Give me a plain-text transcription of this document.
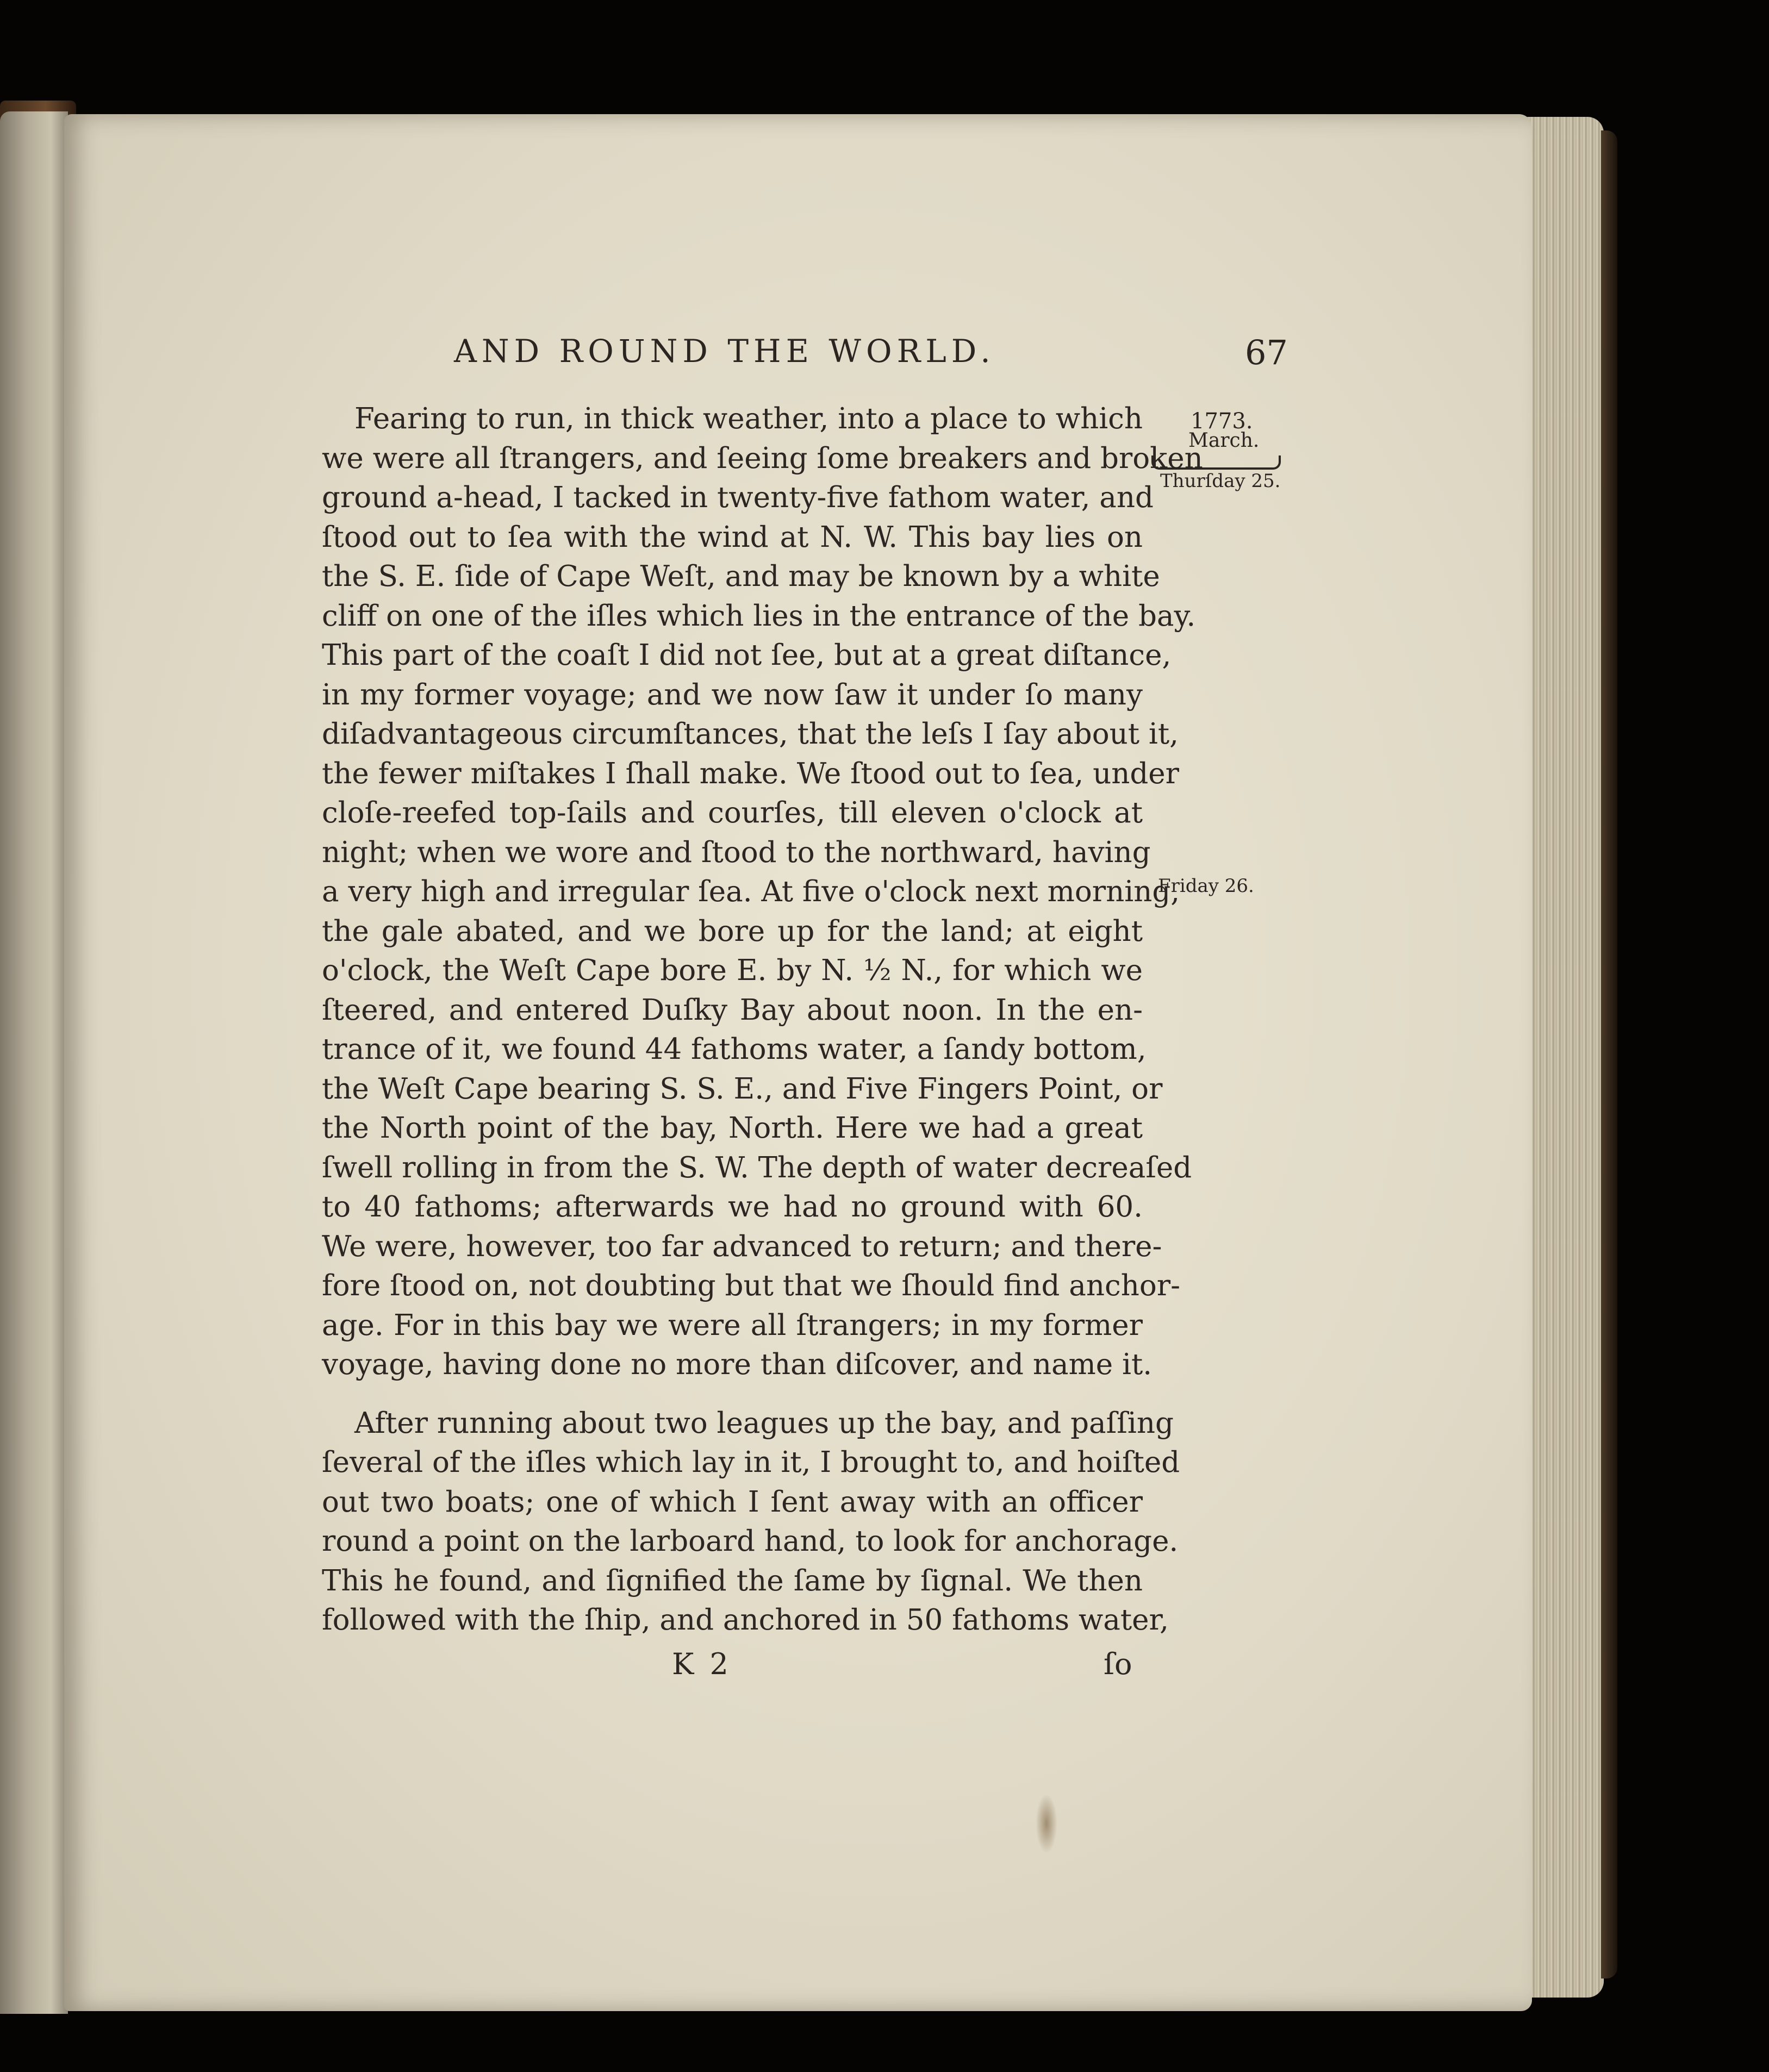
AND ROUND THE WORLD.	67
1773.
March.
Thurſday 25.
Friday 26.
Fearing to run, in thick weather, into a place to which
we were all ſtrangers, and ſeeing ſome breakers and broken
ground a-head, I tacked in twenty-five fathom water, and
ſtood out to ſea with the wind at N. W. This bay lies on
the S. E. ſide of Cape Weſt, and may be known by a white
cliff on one of the iſles which lies in the entrance of the bay.
This part of the coaſt I did not ſee, but at a great diſtance,
in my former voyage; and we now ſaw it under ſo many
diſadvantageous circumſtances, that the leſs I ſay about it,
the fewer miſtakes I ſhall make. We ſtood out to ſea, under
cloſe-reefed top-ſails and courſes, till eleven o'clock at
night; when we wore and ſtood to the northward, having
a very high and irregular ſea. At five o'clock next morning,
the gale abated, and we bore up for the land; at eight
o'clock, the Weſt Cape bore E. by N. ½ N., for which we
ſteered, and entered Duſky Bay about noon. In the en-
trance of it, we found 44 fathoms water, a ſandy bottom,
the Weſt Cape bearing S. S. E., and Five Fingers Point, or
the North point of the bay, North. Here we had a great
ſwell rolling in from the S. W. The depth of water decreaſed
to 40 fathoms; afterwards we had no ground with 60.
We were, however, too far advanced to return; and there-
fore ſtood on, not doubting but that we ſhould find anchor-
age. For in this bay we were all ſtrangers; in my former
voyage, having done no more than diſcover, and name it.
After running about two leagues up the bay, and paſſing
ſeveral of the iſles which lay in it, I brought to, and hoiſted
out two boats; one of which I ſent away with an officer
round a point on the larboard hand, to look for anchorage.
This he found, and ſignified the ſame by ſignal. We then
followed with the ſhip, and anchored in 50 fathoms water,
K 2	ſo
